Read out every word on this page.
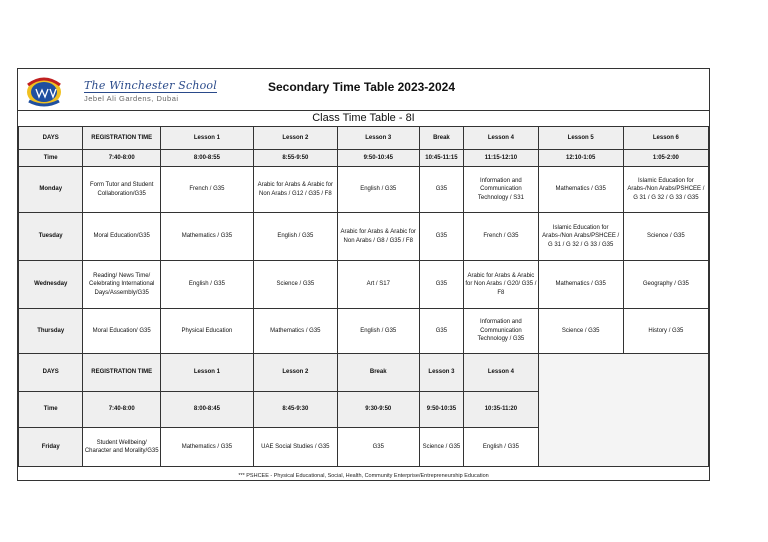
The Winchester School
Jebel Ali Gardens, Dubai
Secondary Time Table 2023-2024
Class Time Table - 8I
DAYS	REGISTRATION TIME	Lesson 1	Lesson 2	Lesson 3	Break	Lesson 4	Lesson 5	Lesson 6
Time	7:40-8:00	8:00-8:55	8:55-9:50	9:50-10:45	10:45-11:15	11:15-12:10	12:10-1:05	1:05-2:00
Monday	Form Tutor and Student Collaboration/G35	French / G35	Arabic for Arabs & Arabic for Non Arabs / G12 / G35 / F8	English / G35	G35	Information and Communication Technology / S31	Mathematics / G35	Islamic Education for Arabs-/Non Arabs/PSHCEE / G 31 / G 32 / G 33 / G35
Tuesday	Moral Education/G35	Mathematics / G35	English / G35	Arabic for Arabs & Arabic for Non Arabs / G8 / G35 / F8	G35	French / G35	Islamic Education for Arabs-/Non Arabs/PSHCEE / G 31 / G 32 / G 33 / G35	Science / G35
Wednesday	Reading/ News Time/ Celebrating International Days/Assembly/G35	English / G35	Science / G35	Art / S17	G35	Arabic for Arabs & Arabic for Non Arabs / G20/ G35 / F8	Mathematics / G35	Geography / G35
Thursday	Moral Education/ G35	Physical Education	Mathematics / G35	English / G35	G35	Information and Communication Technology / G35	Science / G35	History / G35
DAYS	REGISTRATION TIME	Lesson 1	Lesson 2	Break	Lesson 3	Lesson 4		
Time	7:40-8:00	8:00-8:45	8:45-9:30	9:30-9:50	9:50-10:35	10:35-11:20		
Friday	Student Wellbeing/ Character and Morality/G35	Mathematics / G35	UAE Social Studies / G35	G35	Science / G35	English / G35		
*** PSHCEE - Physical Educational, Social, Health, Community Enterprise/Entrepreneurship Education
